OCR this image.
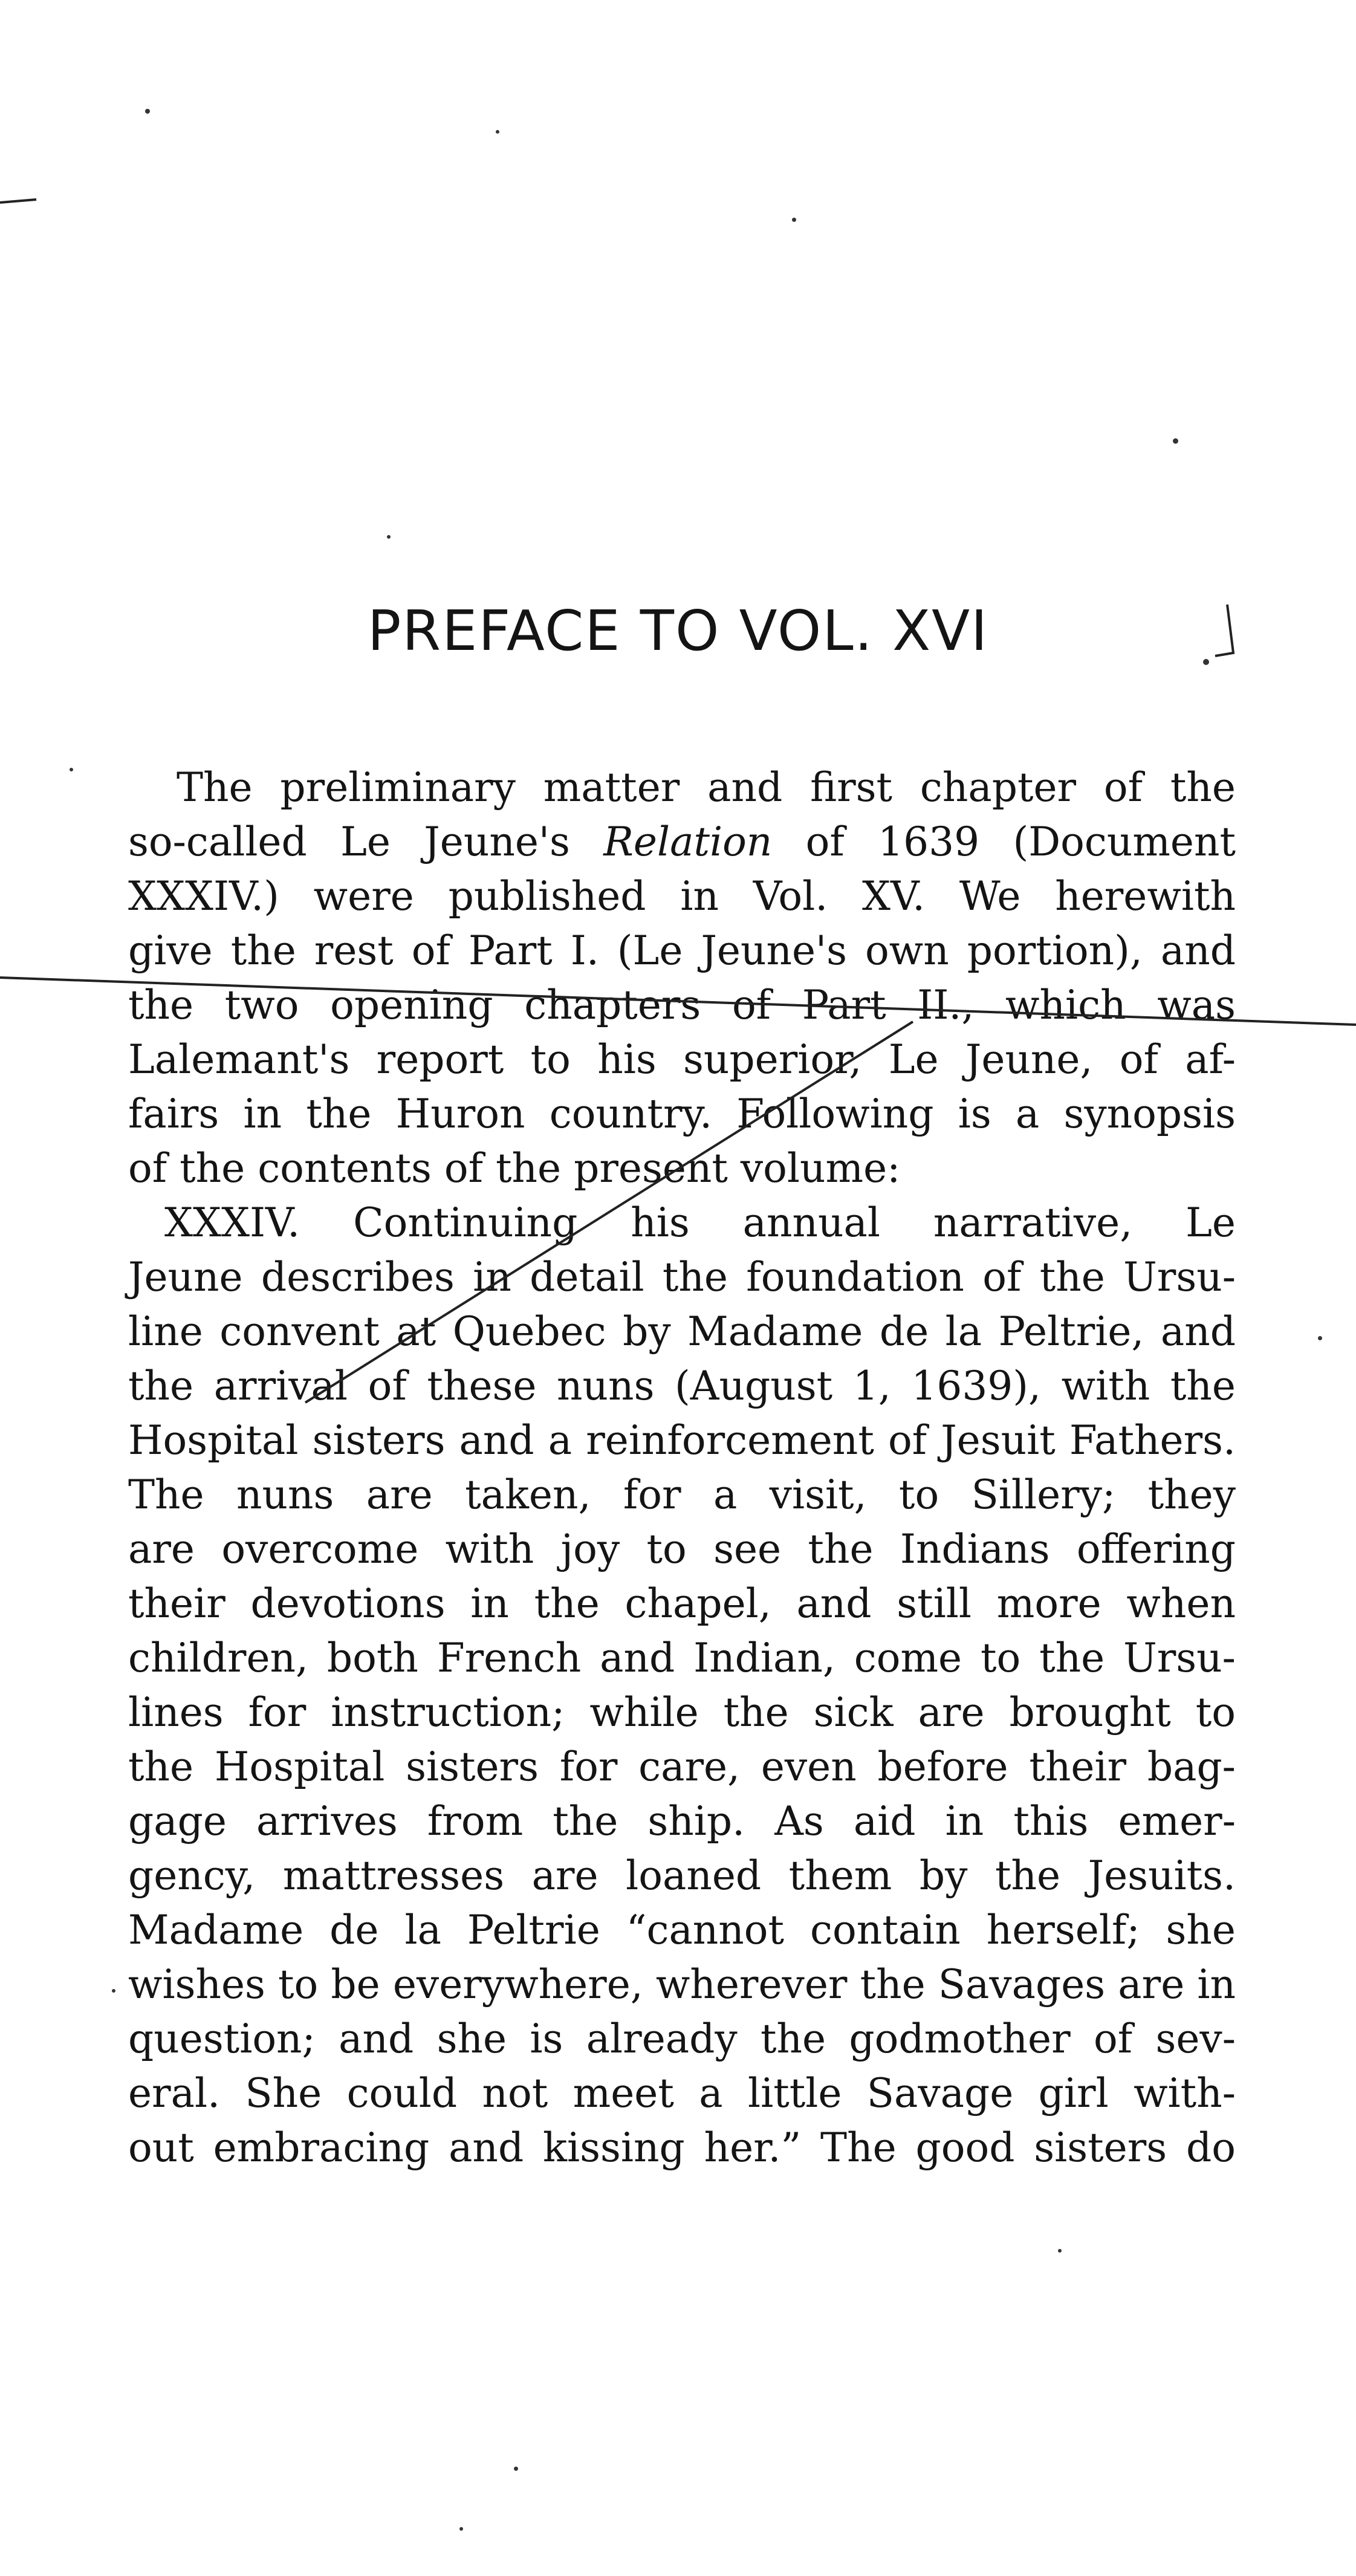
PREFACE TO VOL. XVI
The preliminary matter and first chapter of the
so-called Le Jeune's Relation of 1639 (Document
XXXIV.) were published in Vol. XV. We herewith
give the rest of Part I. (Le Jeune's own portion), and
the two opening chapters of Part II., which was
Lalemant's report to his superior, Le Jeune, of af-
fairs in the Huron country. Following is a synopsis
of the contents of the present volume:
XXXIV. Continuing his annual narrative, Le
Jeune describes in detail the foundation of the Ursu-
line convent at Quebec by Madame de la Peltrie, and
the arrival of these nuns (August 1, 1639), with the
Hospital sisters and a reinforcement of Jesuit Fathers.
The nuns are taken, for a visit, to Sillery; they
are overcome with joy to see the Indians offering
their devotions in the chapel, and still more when
children, both French and Indian, come to the Ursu-
lines for instruction; while the sick are brought to
the Hospital sisters for care, even before their bag-
gage arrives from the ship. As aid in this emer-
gency, mattresses are loaned them by the Jesuits.
Madame de la Peltrie “cannot contain herself; she
wishes to be everywhere, wherever the Savages are in
question; and she is already the godmother of sev-
eral. She could not meet a little Savage girl with-
out embracing and kissing her.” The good sisters do
